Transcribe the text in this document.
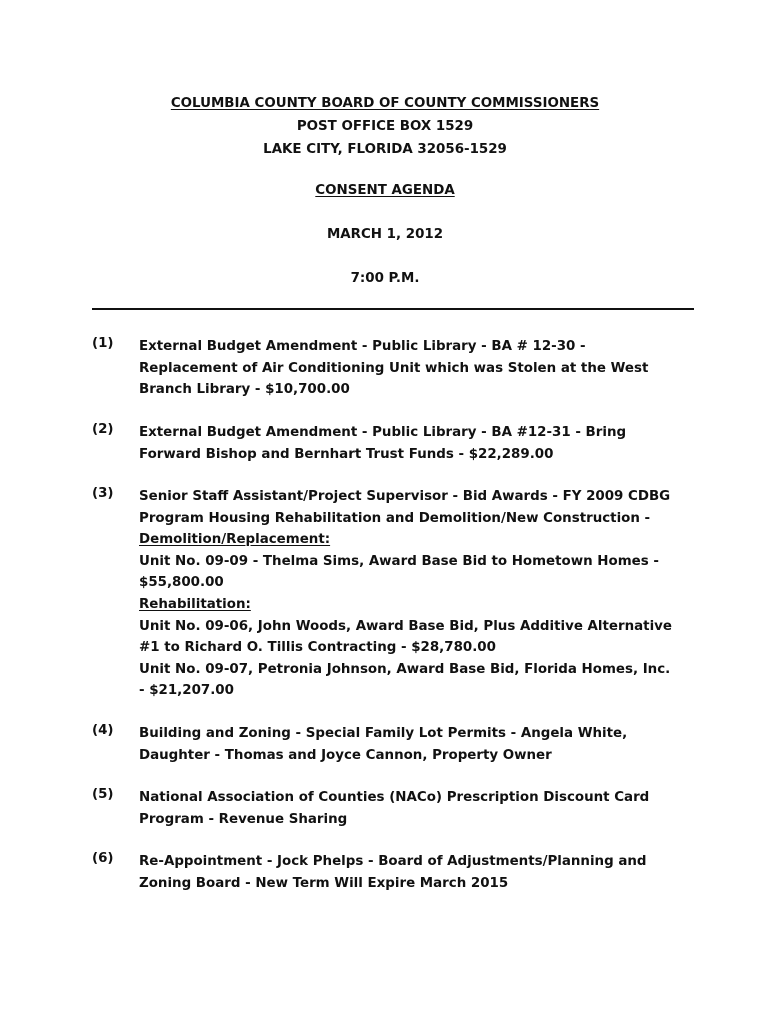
COLUMBIA COUNTY BOARD OF COUNTY COMMISSIONERS
POST OFFICE BOX 1529
LAKE CITY, FLORIDA 32056-1529
CONSENT AGENDA
MARCH 1, 2012
7:00 P.M.
(1) External Budget Amendment - Public Library - BA # 12-30 -
Replacement of Air Conditioning Unit which was Stolen at the West
Branch Library - $10,700.00
(2) External Budget Amendment - Public Library - BA #12-31 - Bring
Forward Bishop and Bernhart Trust Funds - $22,289.00
(3) Senior Staff Assistant/Project Supervisor - Bid Awards - FY 2009 CDBG
Program Housing Rehabilitation and Demolition/New Construction -
Demolition/Replacement:
Unit No. 09-09 - Thelma Sims, Award Base Bid to Hometown Homes -
$55,800.00
Rehabilitation:
Unit No. 09-06, John Woods, Award Base Bid, Plus Additive Alternative
#1 to Richard O. Tillis Contracting - $28,780.00
Unit No. 09-07, Petronia Johnson, Award Base Bid, Florida Homes, Inc.
- $21,207.00
(4) Building and Zoning - Special Family Lot Permits - Angela White,
Daughter - Thomas and Joyce Cannon, Property Owner
(5) National Association of Counties (NACo) Prescription Discount Card
Program - Revenue Sharing
(6) Re-Appointment - Jock Phelps - Board of Adjustments/Planning and
Zoning Board - New Term Will Expire March 2015
